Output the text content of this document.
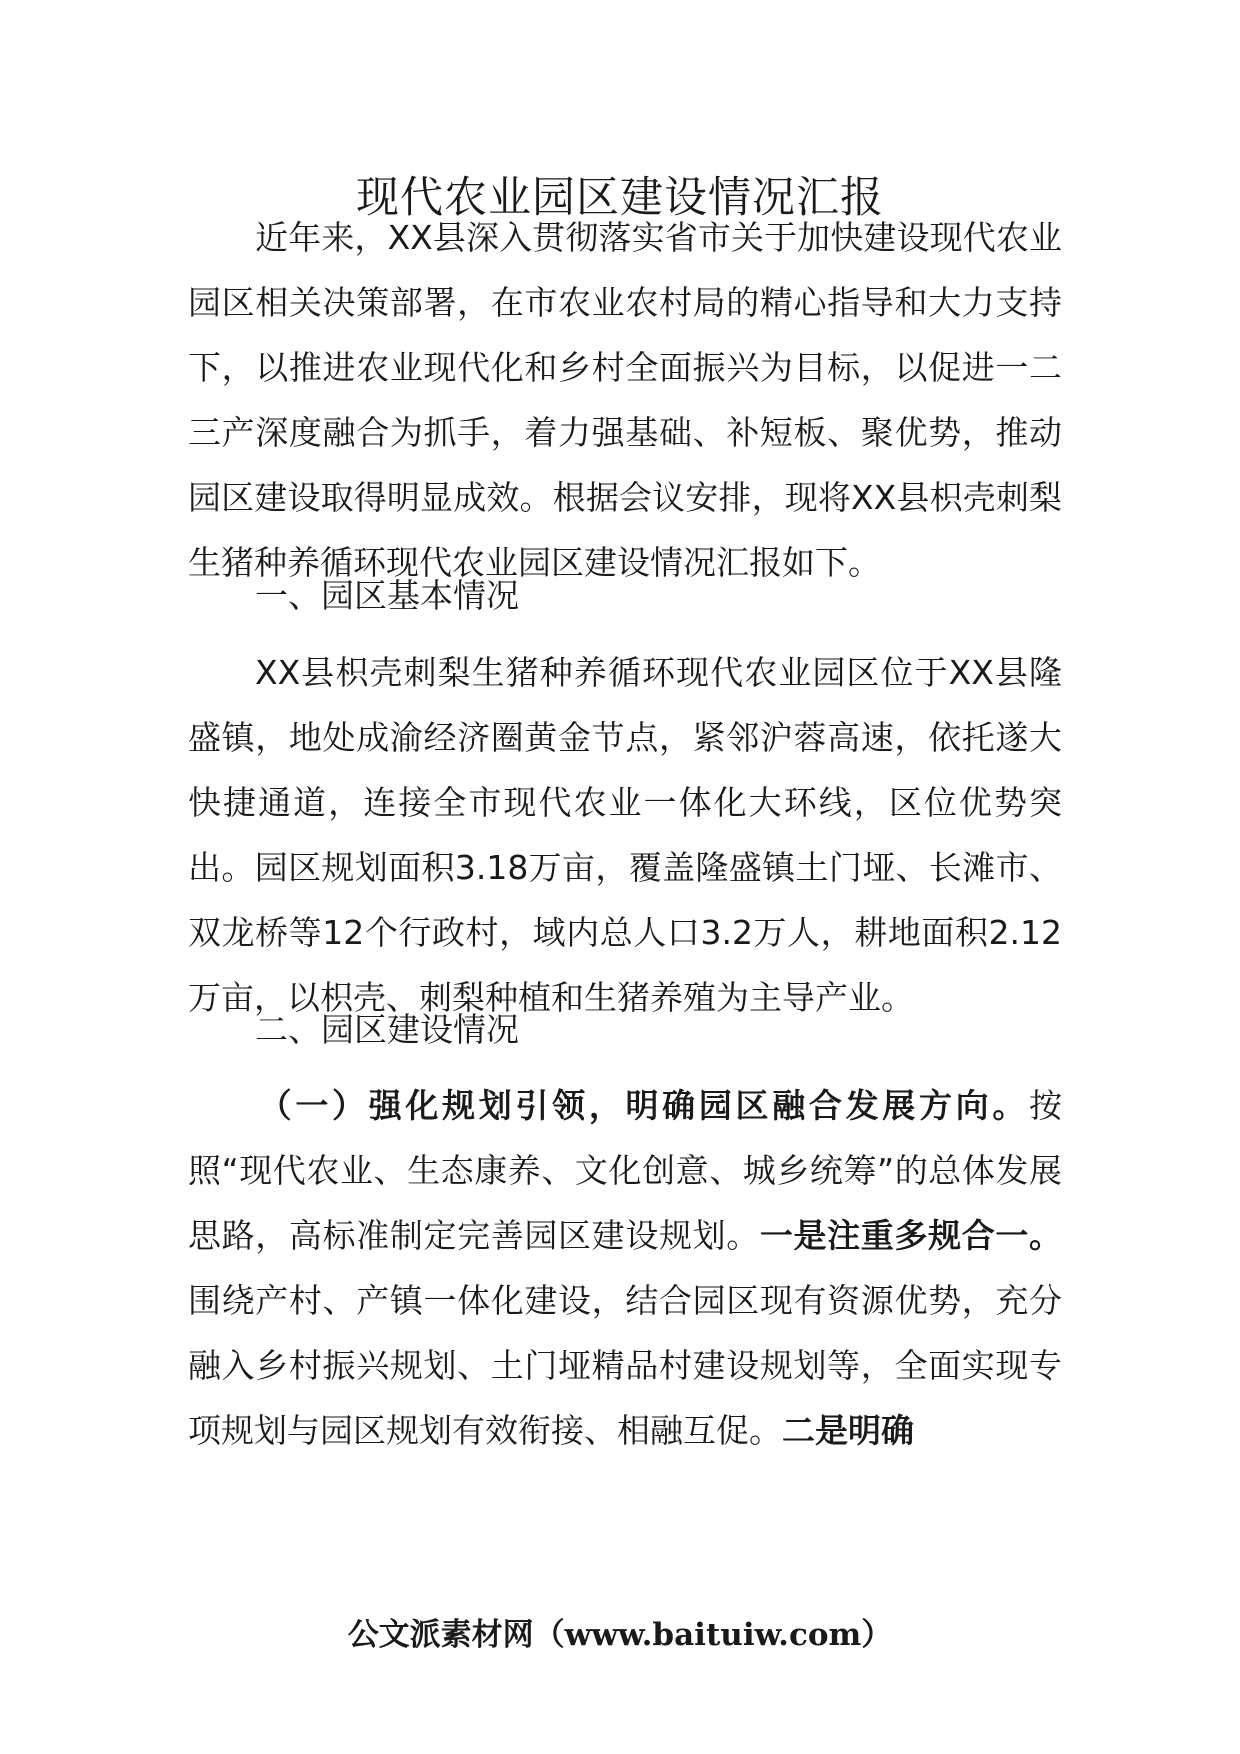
现代农业园区建设情况汇报

近年来，XX县深入贯彻落实省市关于加快建设现代农业园区相关决策部署，在市农业农村局的精心指导和大力支持下，以推进农业现代化和乡村全面振兴为目标，以促进一二三产深度融合为抓手，着力强基础、补短板、聚优势，推动园区建设取得明显成效。根据会议安排，现将XX县枳壳刺梨生猪种养循环现代农业园区建设情况汇报如下。

一、园区基本情况

XX县枳壳刺梨生猪种养循环现代农业园区位于XX县隆盛镇，地处成渝经济圈黄金节点，紧邻沪蓉高速，依托遂大快捷通道，连接全市现代农业一体化大环线，区位优势突出。园区规划面积3.18万亩，覆盖隆盛镇土门垭、长滩市、双龙桥等12个行政村，域内总人口3.2万人，耕地面积2.12万亩，以枳壳、刺梨种植和生猪养殖为主导产业。

二、园区建设情况

（一）强化规划引领，明确园区融合发展方向。按照“现代农业、生态康养、文化创意、城乡统筹”的总体发展思路，高标准制定完善园区建设规划。一是注重多规合一。围绕产村、产镇一体化建设，结合园区现有资源优势，充分融入乡村振兴规划、土门垭精品村建设规划等，全面实现专项规划与园区规划有效衔接、相融互促。二是明确

公文派素材网（www.baituiw.com）
